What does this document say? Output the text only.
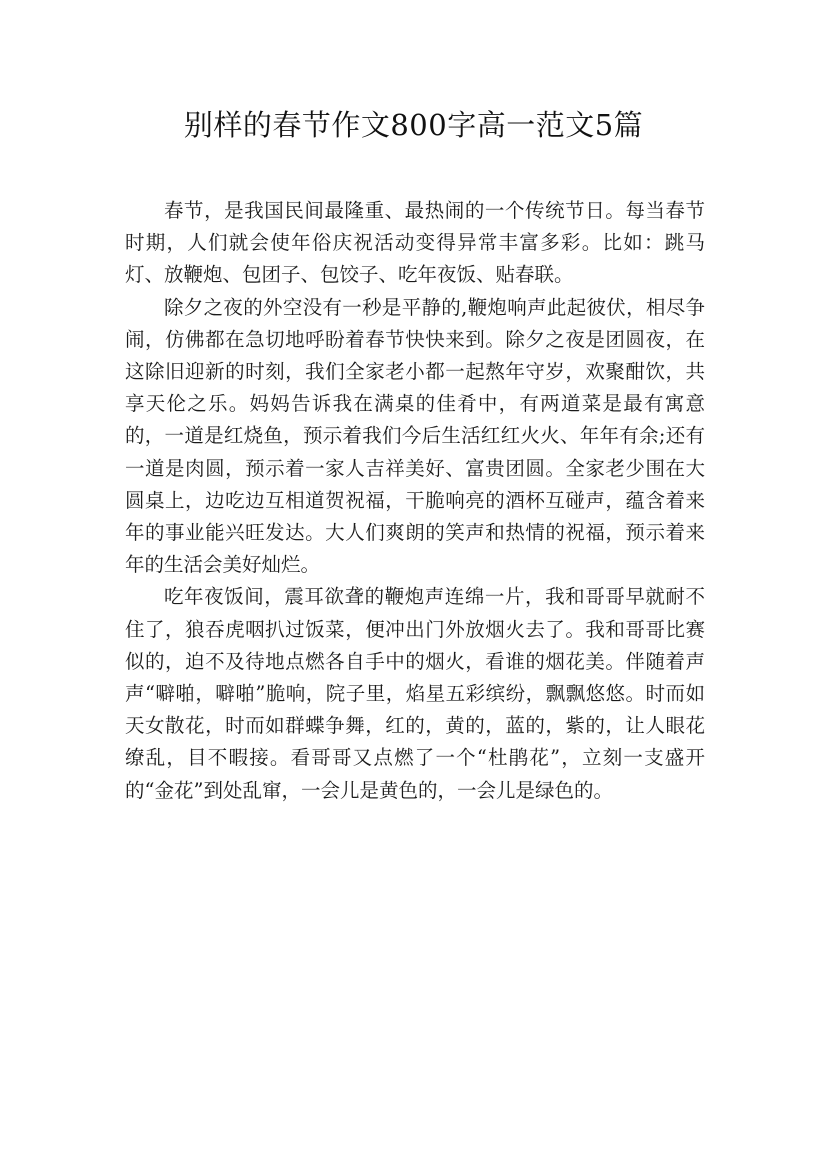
别样的春节作文800字高一范文5篇

春节，是我国民间最隆重、最热闹的一个传统节日。每当春节时期，人们就会使年俗庆祝活动变得异常丰富多彩。比如：跳马灯、放鞭炮、包团子、包饺子、吃年夜饭、贴春联。

除夕之夜的外空没有一秒是平静的,鞭炮响声此起彼伏，相尽争闹，仿佛都在急切地呼盼着春节快快来到。除夕之夜是团圆夜，在这除旧迎新的时刻，我们全家老小都一起熬年守岁，欢聚酣饮，共享天伦之乐。妈妈告诉我在满桌的佳肴中，有两道菜是最有寓意的，一道是红烧鱼，预示着我们今后生活红红火火、年年有余;还有一道是肉圆，预示着一家人吉祥美好、富贵团圆。全家老少围在大圆桌上，边吃边互相道贺祝福，干脆响亮的酒杯互碰声，蕴含着来年的事业能兴旺发达。大人们爽朗的笑声和热情的祝福，预示着来年的生活会美好灿烂。

吃年夜饭间，震耳欲聋的鞭炮声连绵一片，我和哥哥早就耐不住了，狼吞虎咽扒过饭菜，便冲出门外放烟火去了。我和哥哥比赛似的，迫不及待地点燃各自手中的烟火，看谁的烟花美。伴随着声声“噼啪，噼啪”脆响，院子里，焰星五彩缤纷，飘飘悠悠。时而如天女散花，时而如群蝶争舞，红的，黄的，蓝的，紫的，让人眼花缭乱，目不暇接。看哥哥又点燃了一个“杜鹃花”，立刻一支盛开的“金花”到处乱窜，一会儿是黄色的，一会儿是绿色的。
